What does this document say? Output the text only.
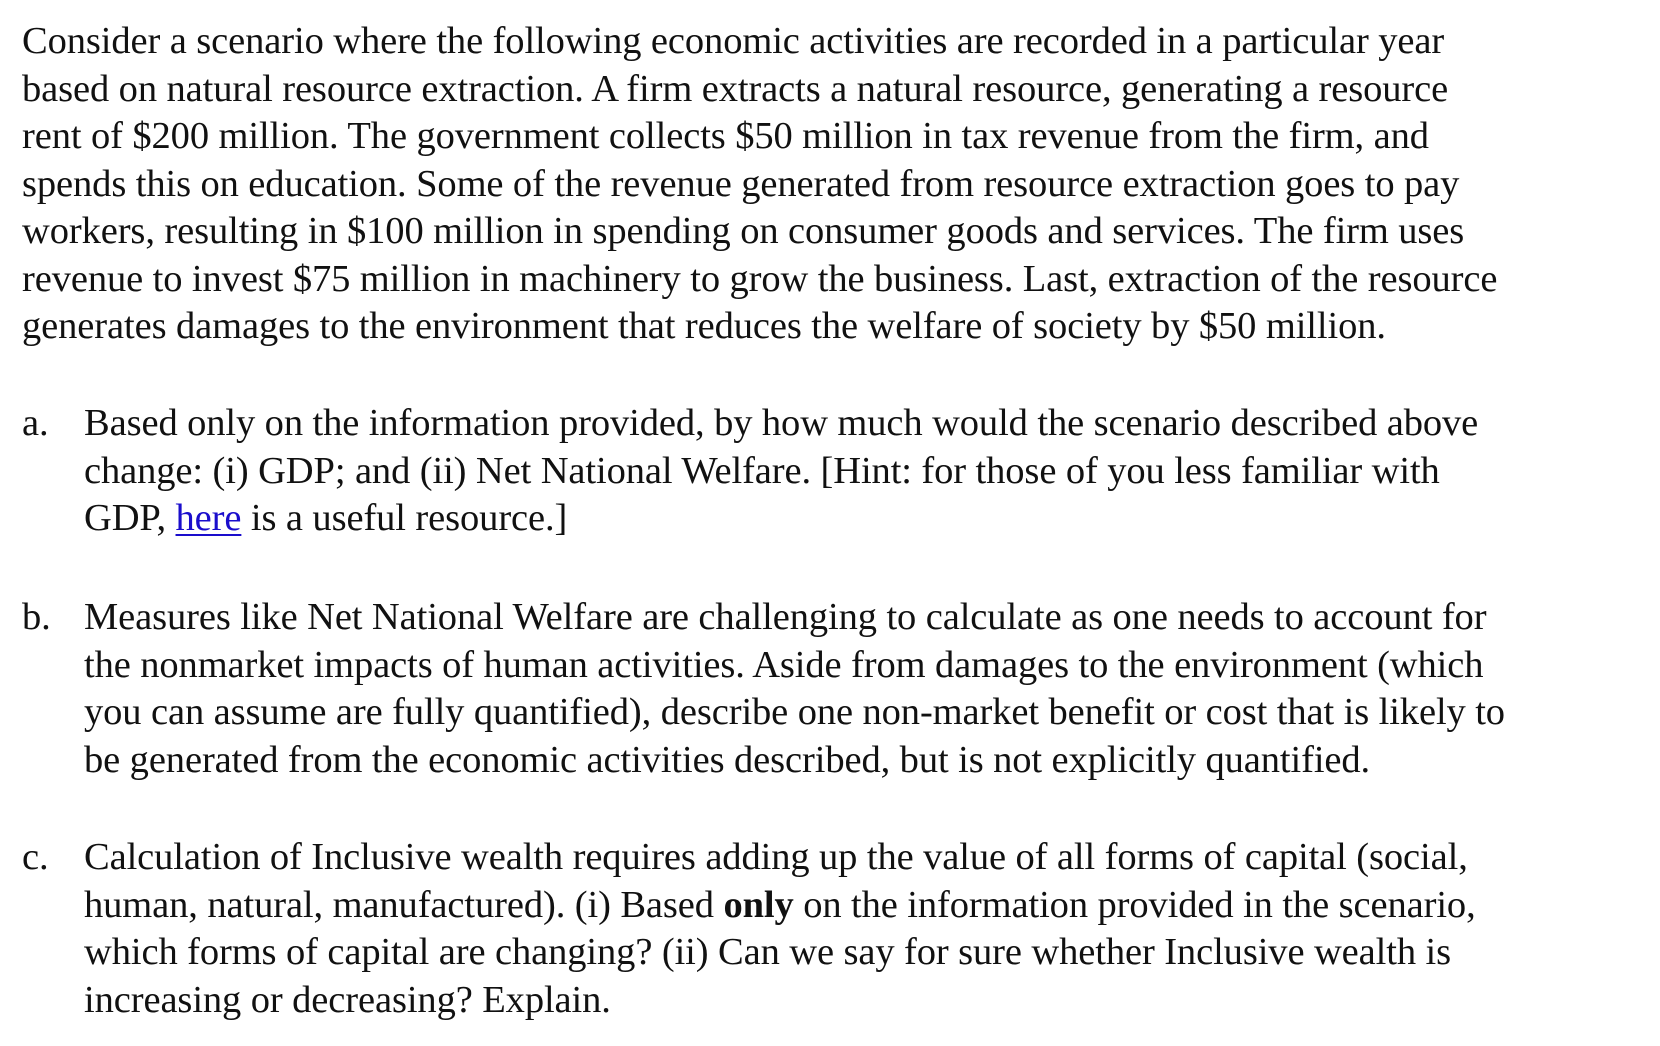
Consider a scenario where the following economic activities are recorded in a particular year
based on natural resource extraction. A firm extracts a natural resource, generating a resource
rent of $200 million. The government collects $50 million in tax revenue from the firm, and
spends this on education. Some of the revenue generated from resource extraction goes to pay
workers, resulting in $100 million in spending on consumer goods and services. The firm uses
revenue to invest $75 million in machinery to grow the business. Last, extraction of the resource
generates damages to the environment that reduces the welfare of society by $50 million.

a. Based only on the information provided, by how much would the scenario described above
change: (i) GDP; and (ii) Net National Welfare. [Hint: for those of you less familiar with
GDP, here is a useful resource.]
b. Measures like Net National Welfare are challenging to calculate as one needs to account for
the nonmarket impacts of human activities. Aside from damages to the environment (which
you can assume are fully quantified), describe one non-market benefit or cost that is likely to
be generated from the economic activities described, but is not explicitly quantified.
c. Calculation of Inclusive wealth requires adding up the value of all forms of capital (social,
human, natural, manufactured). (i) Based only on the information provided in the scenario,
which forms of capital are changing? (ii) Can we say for sure whether Inclusive wealth is
increasing or decreasing? Explain.
